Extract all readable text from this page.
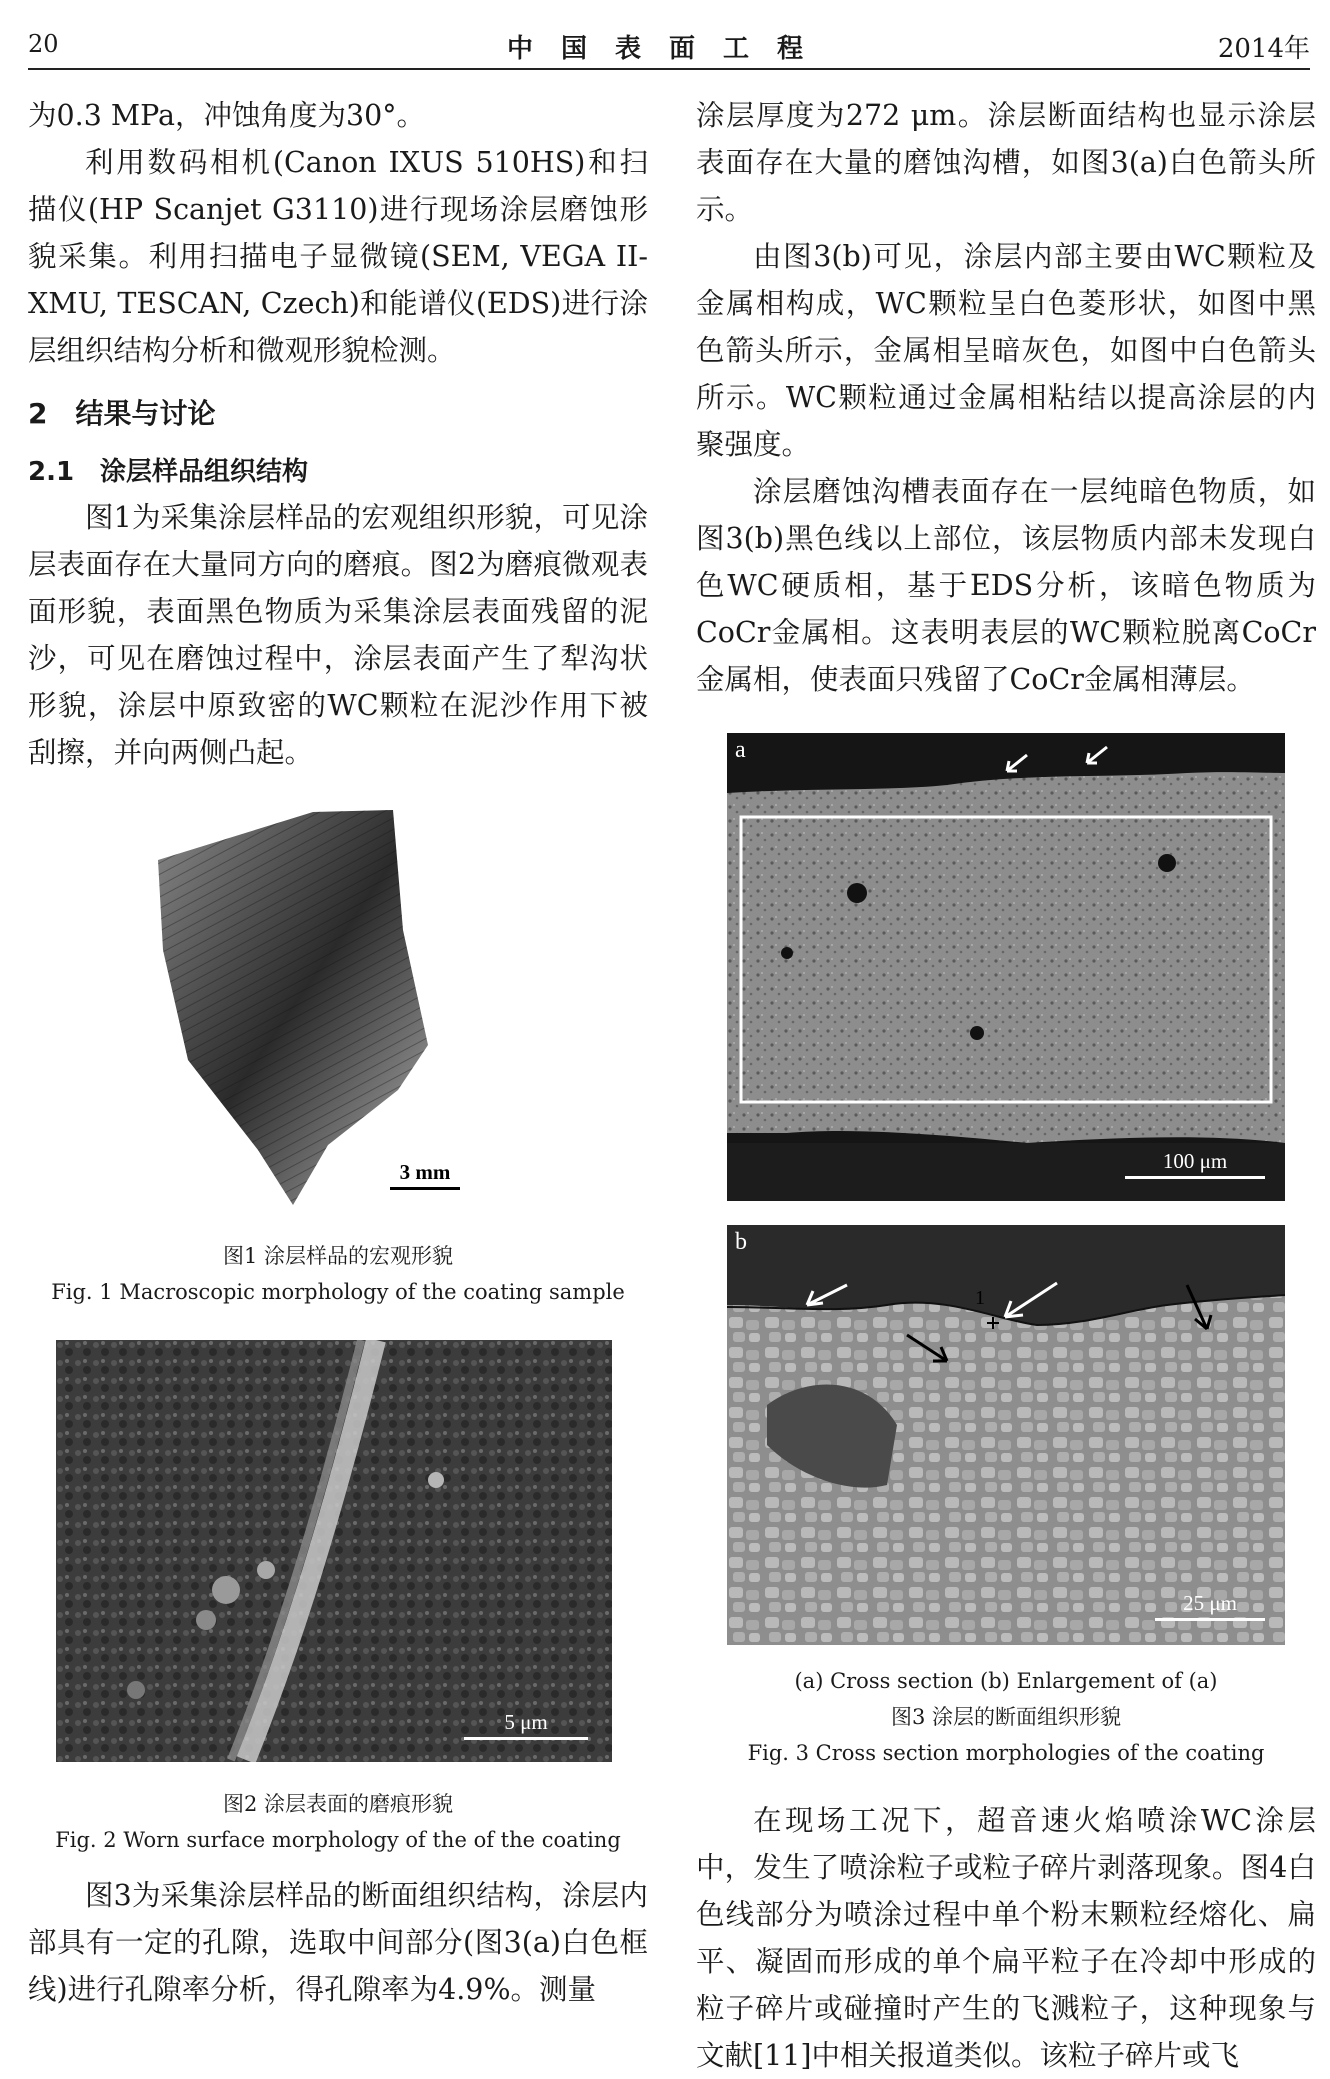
20	中国表面工程	2014年

为0.3 MPa，冲蚀角度为30°。

利用数码相机(Canon IXUS 510HS)和扫描仪(HP Scanjet G3110)进行现场涂层磨蚀形貌采集。利用扫描电子显微镜(SEM, VEGA II-XMU, TESCAN, Czech)和能谱仪(EDS)进行涂层组织结构分析和微观形貌检测。

2　结果与讨论
2.1　涂层样品组织结构

图1为采集涂层样品的宏观组织形貌，可见涂层表面存在大量同方向的磨痕。图2为磨痕微观表面形貌，表面黑色物质为采集涂层表面残留的泥沙，可见在磨蚀过程中，涂层表面产生了犁沟状形貌，涂层中原致密的WC颗粒在泥沙作用下被刮擦，并向两侧凸起。

3 mm

图1 涂层样品的宏观形貌

Fig. 1 Macroscopic morphology of the coating sample

5 μm

图2 涂层表面的磨痕形貌

Fig. 2 Worn surface morphology of the of the coating

图3为采集涂层样品的断面组织结构，涂层内部具有一定的孔隙，选取中间部分(图3(a)白色框线)进行孔隙率分析，得孔隙率为4.9%。测量

涂层厚度为272 μm。涂层断面结构也显示涂层表面存在大量的磨蚀沟槽，如图3(a)白色箭头所示。

由图3(b)可见，涂层内部主要由WC颗粒及金属相构成，WC颗粒呈白色菱形状，如图中黑色箭头所示，金属相呈暗灰色，如图中白色箭头所示。WC颗粒通过金属相粘结以提高涂层的内聚强度。

涂层磨蚀沟槽表面存在一层纯暗色物质，如图3(b)黑色线以上部位，该层物质内部未发现白色WC硬质相，基于EDS分析，该暗色物质为CoCr金属相。这表明表层的WC颗粒脱离CoCr金属相，使表面只残留了CoCr金属相薄层。

a
100 μm
b
1
25 μm

(a) Cross section (b) Enlargement of (a)

图3 涂层的断面组织形貌

Fig. 3 Cross section morphologies of the coating

在现场工况下，超音速火焰喷涂WC涂层中，发生了喷涂粒子或粒子碎片剥落现象。图4白色线部分为喷涂过程中单个粉末颗粒经熔化、扁平、凝固而形成的单个扁平粒子在冷却中形成的粒子碎片或碰撞时产生的飞溅粒子，这种现象与文献[11]中相关报道类似。该粒子碎片或飞
